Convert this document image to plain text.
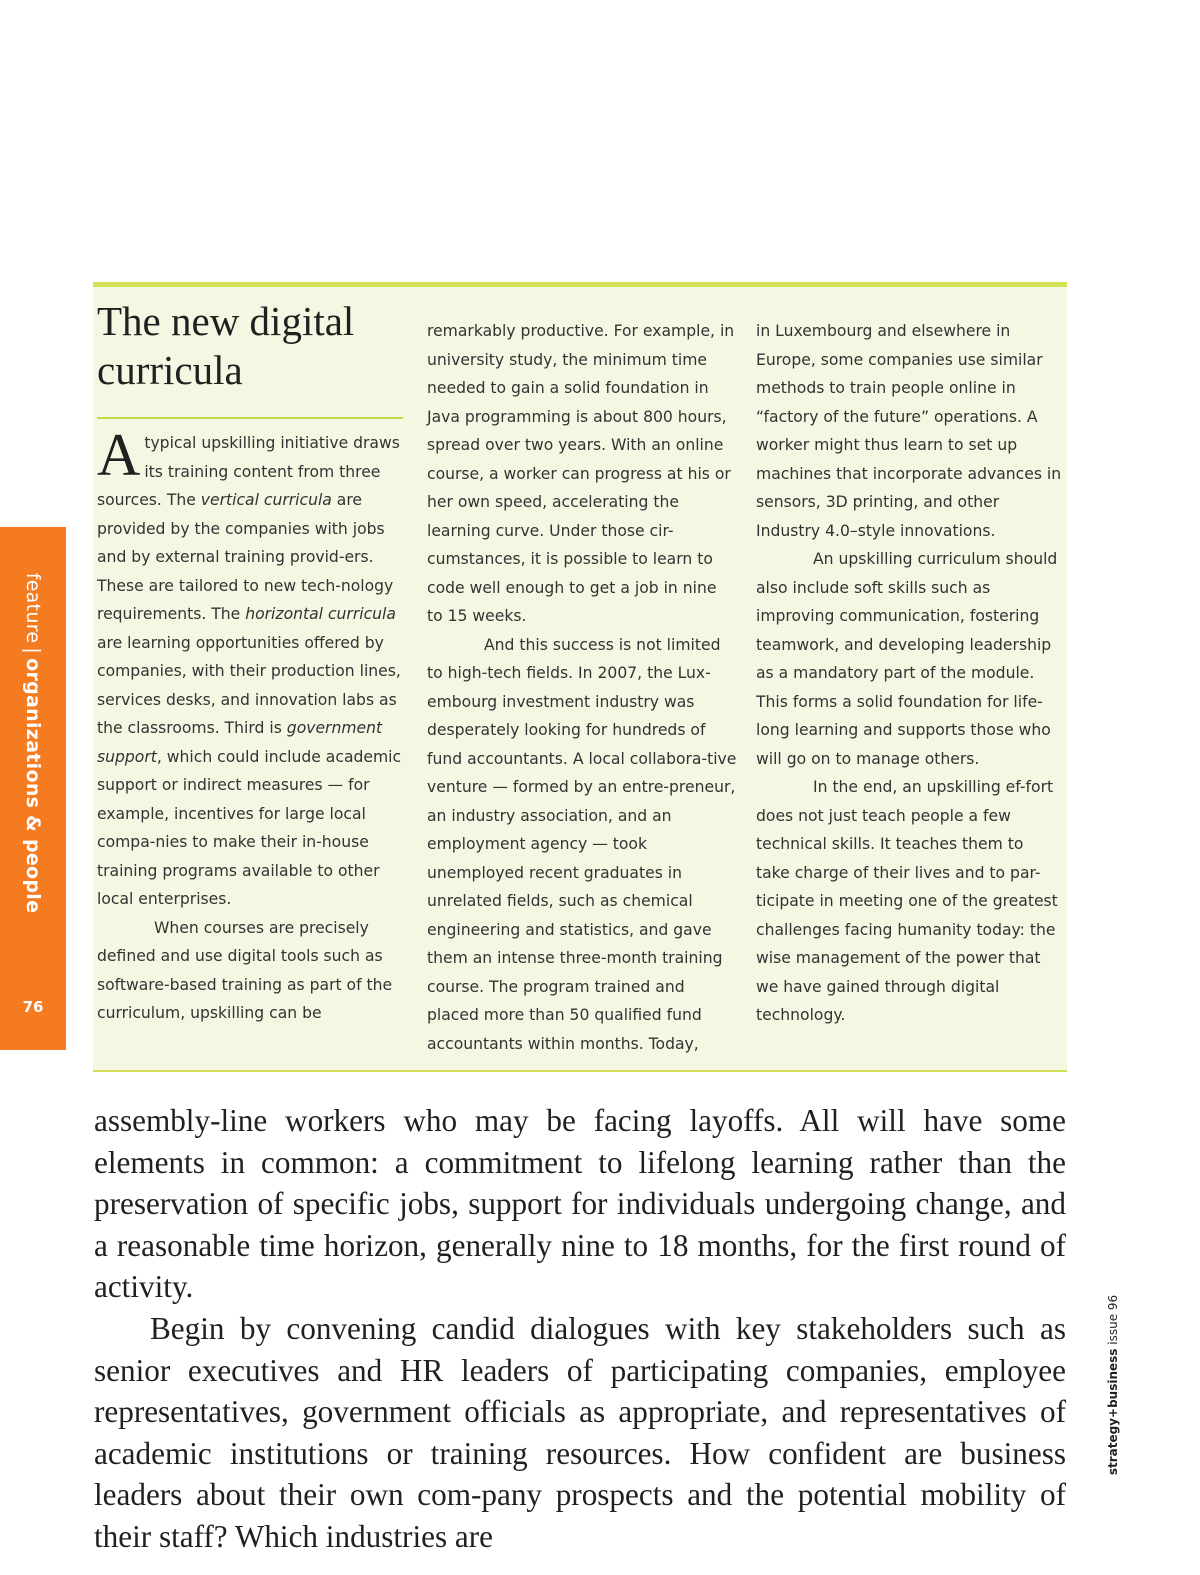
feature|organizations & people
76
The new digital curricula

Atypical upskilling initiative draws its training content from three sources. The vertical curricula are provided by the companies with jobs and by external training provid-ers. These are tailored to new tech-nology requirements. The horizontal curricula are learning opportunities offered by companies, with their production lines, services desks, and innovation labs as the classrooms. Third is government support, which could include academic support or indirect measures — for example, incentives for large local compa-nies to make their in-house training programs available to other local enterprises.

When courses are precisely defined and use digital tools such as software-based training as part of the curriculum, upskilling can be

remarkably productive. For example, in university study, the minimum time needed to gain a solid foundation in Java programming is about 800 hours, spread over two years. With an online course, a worker can progress at his or her own speed, accelerating the learning curve. Under those cir-cumstances, it is possible to learn to code well enough to get a job in nine to 15 weeks.

And this success is not limited to high-tech fields. In 2007, the Lux-embourg investment industry was desperately looking for hundreds of fund accountants. A local collabora-tive venture — formed by an entre-preneur, an industry association, and an employment agency — took unemployed recent graduates in unrelated fields, such as chemical engineering and statistics, and gave them an intense three-month training course. The program trained and placed more than 50 qualified fund accountants within months. Today,

in Luxembourg and elsewhere in Europe, some companies use similar methods to train people online in “factory of the future” operations. A worker might thus learn to set up machines that incorporate advances in sensors, 3D printing, and other Industry 4.0–style innovations.

An upskilling curriculum should also include soft skills such as improving communication, fostering teamwork, and developing leadership as a mandatory part of the module. This forms a solid foundation for life-long learning and supports those who will go on to manage others.

In the end, an upskilling ef-fort does not just teach people a few technical skills. It teaches them to take charge of their lives and to par-ticipate in meeting one of the greatest challenges facing humanity today: the wise management of the power that we have gained through digital technology.

assembly-line workers who may be facing layoffs. All will have some elements in common: a commitment to lifelong learning rather than the preservation of specific jobs, support for individuals undergoing change, and a reasonable time horizon, generally nine to 18 months, for the first round of activity.

Begin by convening candid dialogues with key stakeholders such as senior executives and HR leaders of participating companies, employee representatives, government officials as appropriate, and representatives of academic institutions or training resources. How confident are business leaders about their own com-pany prospects and the potential mobility of their staff? Which industries are

strategy+business issue 96
